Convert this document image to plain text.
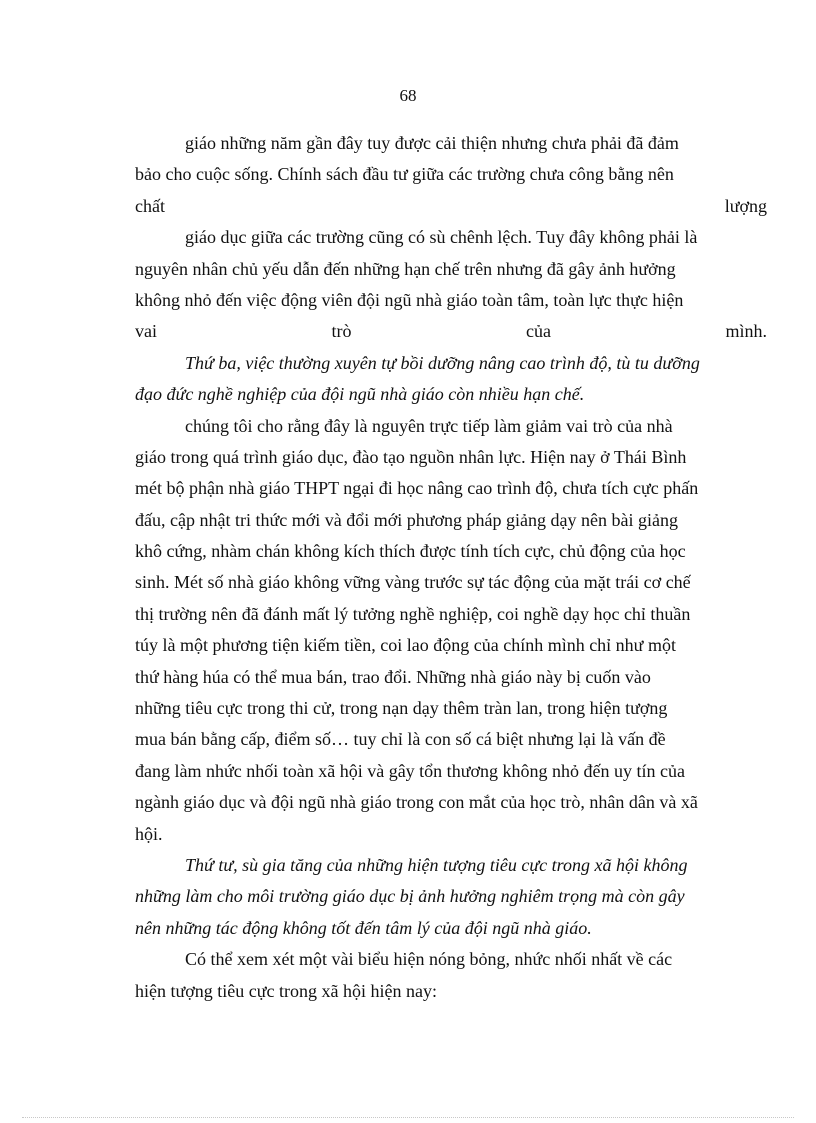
68
giáo những năm gần đây tuy được cải thiện nhưng chưa phải đã đảm
bảo cho cuộc sống. Chính sách đầu tư giữa các trường chưa công bằng nên
chất	lượng
giáo dục giữa các trường cũng có sù chênh lệch. Tuy đây không phải là
nguyên nhân chủ yếu dẫn đến những hạn chế trên nhưng đã gây ảnh hưởng
không nhỏ đến việc động viên đội ngũ nhà giáo toàn tâm, toàn lực thực hiện
vai	trò	của	mình.
Thứ ba, việc thường xuyên tự bồi dưỡng nâng cao trình độ, tù tu dưỡng
đạo đức nghề nghiệp của đội ngũ nhà giáo còn nhiều hạn chế.
chúng tôi cho rằng đây là nguyên trực tiếp làm giảm vai trò của nhà
giáo trong quá trình giáo dục, đào tạo nguồn nhân lực. Hiện nay ở Thái Bình
mét bộ phận nhà giáo THPT ngại đi học nâng cao trình độ, chưa tích cực phấn
đấu, cập nhật tri thức mới và đổi mới phương pháp giảng dạy nên bài giảng
khô cứng, nhàm chán không kích thích được tính tích cực, chủ động của học
sinh. Mét số nhà giáo không vững vàng trước sự tác động của mặt trái cơ chế
thị trường nên đã đánh mất lý tưởng nghề nghiệp, coi nghề dạy học chỉ thuần
túy là một phương tiện kiếm tiền, coi lao động của chính mình chỉ như một
thứ hàng húa có thể mua bán, trao đổi. Những nhà giáo này bị cuốn vào
những tiêu cực trong thi cử, trong nạn dạy thêm tràn lan, trong hiện tượng
mua bán bằng cấp, điểm số… tuy chỉ là con số cá biệt nhưng lại là vấn đề
đang làm nhức nhối toàn xã hội và gây tổn thương không nhỏ đến uy tín của
ngành giáo dục và đội ngũ nhà giáo trong con mắt của học trò, nhân dân và xã
hội.
Thứ tư, sù gia tăng của những hiện tượng tiêu cực trong xã hội không
những làm cho môi trường giáo dục bị ảnh hưởng nghiêm trọng mà còn gây
nên những tác động không tốt đến tâm lý của đội ngũ nhà giáo.
Có thể xem xét một vài biểu hiện nóng bỏng, nhức nhối nhất về các
hiện tượng tiêu cực trong xã hội hiện nay:
